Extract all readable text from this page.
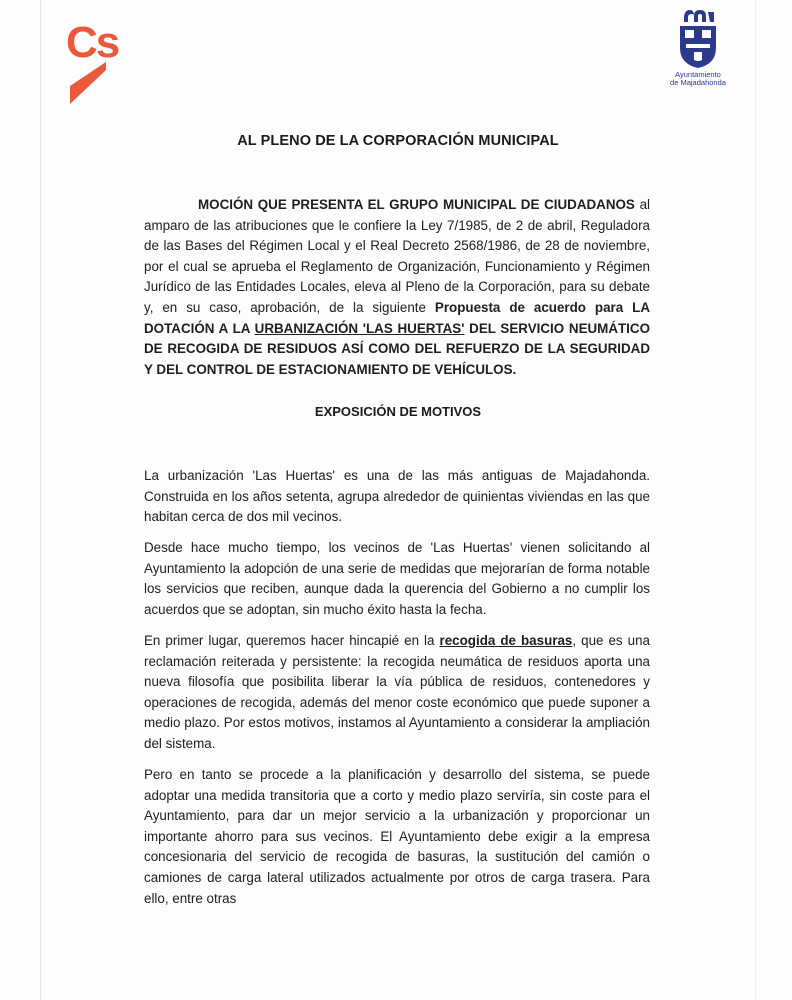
Cs
Ayuntamiento
de Majadahonda
AL PLENO DE LA CORPORACIÓN MUNICIPAL

MOCIÓN QUE PRESENTA EL GRUPO MUNICIPAL DE CIUDADANOS al amparo de las atribuciones que le confiere la Ley 7/1985, de 2 de abril, Reguladora de las Bases del Régimen Local y el Real Decreto 2568/1986, de 28 de noviembre, por el cual se aprueba el Reglamento de Organización, Funcionamiento y Régimen Jurídico de las Entidades Locales, eleva al Pleno de la Corporación, para su debate y, en su caso, aprobación, de la siguiente Propuesta de acuerdo para LA DOTACIÓN A LA URBANIZACIÓN 'LAS HUERTAS' DEL SERVICIO NEUMÁTICO DE RECOGIDA DE RESIDUOS ASÍ COMO DEL REFUERZO DE LA SEGURIDAD Y DEL CONTROL DE ESTACIONAMIENTO DE VEHÍCULOS.

EXPOSICIÓN DE MOTIVOS

La urbanización 'Las Huertas' es una de las más antiguas de Majadahonda. Construida en los años setenta, agrupa alrededor de quinientas viviendas en las que habitan cerca de dos mil vecinos.

Desde hace mucho tiempo, los vecinos de 'Las Huertas' vienen solicitando al Ayuntamiento la adopción de una serie de medidas que mejorarían de forma notable los servicios que reciben, aunque dada la querencia del Gobierno a no cumplir los acuerdos que se adoptan, sin mucho éxito hasta la fecha.

En primer lugar, queremos hacer hincapié en la recogida de basuras, que es una reclamación reiterada y persistente: la recogida neumática de residuos aporta una nueva filosofía que posibilita liberar la vía pública de residuos, contenedores y operaciones de recogida, además del menor coste económico que puede suponer a medio plazo. Por estos motivos, instamos al Ayuntamiento a considerar la ampliación del sistema.

Pero en tanto se procede a la planificación y desarrollo del sistema, se puede adoptar una medida transitoria que a corto y medio plazo serviría, sin coste para el Ayuntamiento, para dar un mejor servicio a la urbanización y proporcionar un importante ahorro para sus vecinos. El Ayuntamiento debe exigir a la empresa concesionaria del servicio de recogida de basuras, la sustitución del camión o camiones de carga lateral utilizados actualmente por otros de carga trasera. Para ello, entre otras
